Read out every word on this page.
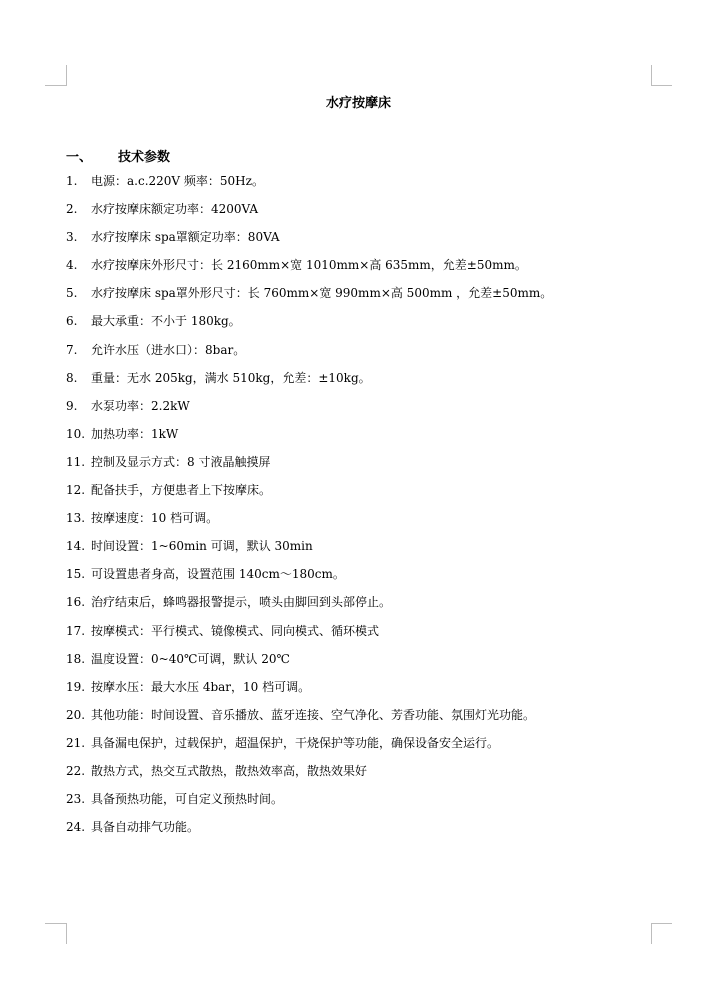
水疗按摩床
一、 技术参数
1. 电源：a.c.220V 频率：50Hz。
2. 水疗按摩床额定功率：4200VA
3. 水疗按摩床 spa罩额定功率：80VA
4. 水疗按摩床外形尺寸：长 2160mm×宽 1010mm×高 635mm，允差±50mm。
5. 水疗按摩床 spa罩外形尺寸：长 760mm×宽 990mm×高 500mm ，允差±50mm。
6. 最大承重：不小于 180kg。
7. 允许水压（进水口）：8bar。
8. 重量：无水 205kg，满水 510kg，允差：±10kg。
9. 水泵功率：2.2kW
10. 加热功率：1kW
11. 控制及显示方式：8 寸液晶触摸屏
12. 配备扶手，方便患者上下按摩床。
13. 按摩速度：10 档可调。
14. 时间设置：1~60min 可调，默认 30min
15. 可设置患者身高，设置范围 140cm～180cm。
16. 治疗结束后，蜂鸣器报警提示，喷头由脚回到头部停止。
17. 按摩模式：平行模式、镜像模式、同向模式、循环模式
18. 温度设置：0~40℃可调，默认 20℃
19. 按摩水压：最大水压 4bar，10 档可调。
20. 其他功能：时间设置、音乐播放、蓝牙连接、空气净化、芳香功能、氛围灯光功能。
21. 具备漏电保护，过载保护，超温保护，干烧保护等功能，确保设备安全运行。
22. 散热方式，热交互式散热，散热效率高，散热效果好
23. 具备预热功能，可自定义预热时间。
24. 具备自动排气功能。
